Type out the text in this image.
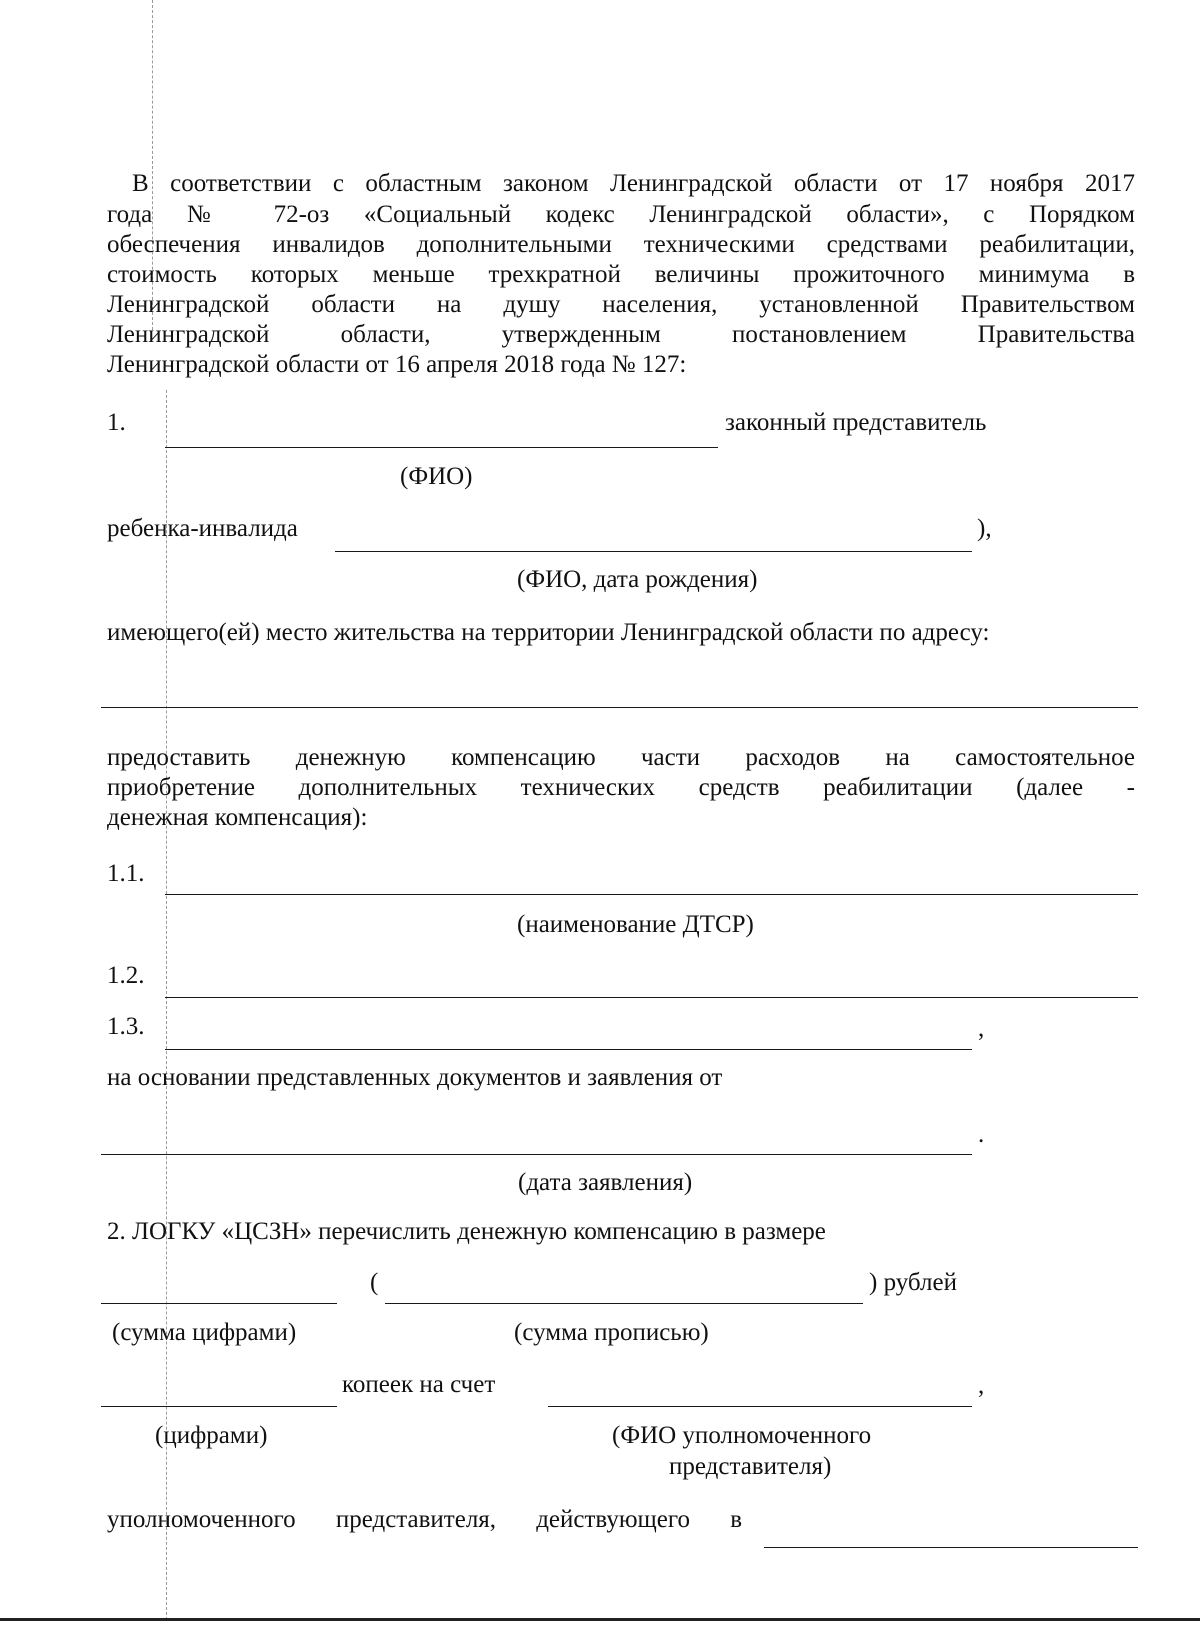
В соответствии с областным законом Ленинградской области от 17 ноября 2017
года № 72-оз «Социальный кодекс Ленинградской области», с Порядком
обеспечения инвалидов дополнительными техническими средствами реабилитации,
стоимость которых меньше трехкратной величины прожиточного минимума в
Ленинградской области на душу населения, установленной Правительством
Ленинградской области, утвержденным постановлением Правительства
Ленинградской области от 16 апреля 2018 года № 127:
1.	законный представитель
(ФИО)
ребенка-инвалида	),
(ФИО, дата рождения)
имеющего(ей) место жительства на территории Ленинградской области по адресу:
предоставить денежную компенсацию части расходов на самостоятельное
приобретение дополнительных технических средств реабилитации (далее -
денежная компенсация):
1.1.
(наименование ДТСР)
1.2.
1.3.	,
на основании представленных документов и заявления от
.
(дата заявления)
2. ЛОГКУ «ЦСЗН» перечислить денежную компенсацию в размере
(	) рублей
(сумма цифрами)	(сумма прописью)
копеек на счет	,
(цифрами)	(ФИО уполномоченного
представителя)
уполномоченного представителя, действующего в
